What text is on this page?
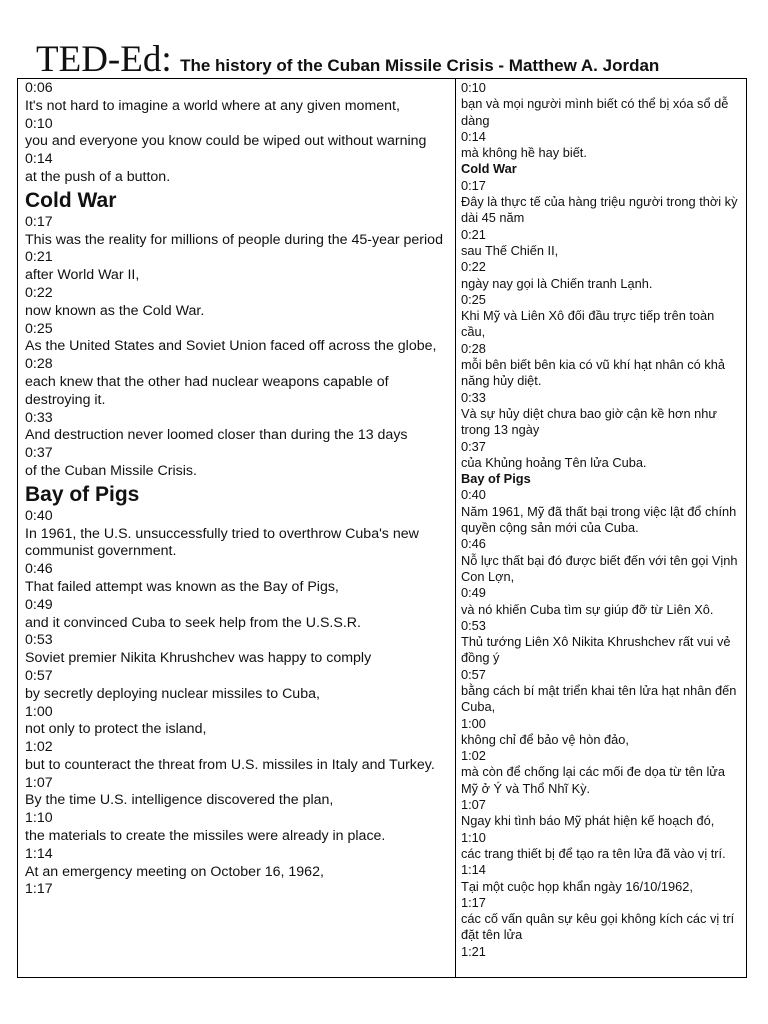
TED-Ed: The history of the Cuban Missile Crisis - Matthew A. Jordan
0:06
It's not hard to imagine a world where at any given moment,
0:10
you and everyone you know could be wiped out without warning
0:14
at the push of a button.
Cold War
0:17
This was the reality for millions of people during the 45-year period
0:21
after World War II,
0:22
now known as the Cold War.
0:25
As the United States and Soviet Union faced off across the globe,
0:28
each knew that the other had nuclear weapons capable of destroying it.
0:33
And destruction never loomed closer than during the 13 days
0:37
of the Cuban Missile Crisis.
Bay of Pigs
0:40
In 1961, the U.S. unsuccessfully tried to overthrow Cuba's new communist government.
0:46
That failed attempt was known as the Bay of Pigs,
0:49
and it convinced Cuba to seek help from the U.S.S.R.
0:53
Soviet premier Nikita Khrushchev was happy to comply
0:57
by secretly deploying nuclear missiles to Cuba,
1:00
not only to protect the island,
1:02
but to counteract the threat from U.S. missiles in Italy and Turkey.
1:07
By the time U.S. intelligence discovered the plan,
1:10
the materials to create the missiles were already in place.
1:14
At an emergency meeting on October 16, 1962,
1:17
0:10
bạn và mọi người mình biết có thể bị xóa sổ dễ dàng
0:14
mà không hề hay biết.
Cold War
0:17
Đây là thực tế của hàng triệu người trong thời kỳ dài 45 năm
0:21
sau Thế Chiến II,
0:22
ngày nay gọi là Chiến tranh Lạnh.
0:25
Khi Mỹ và Liên Xô đối đầu trực tiếp trên toàn cầu,
0:28
mỗi bên biết bên kia có vũ khí hạt nhân có khả năng hủy diệt.
0:33
Và sự hủy diệt chưa bao giờ cận kề hơn như trong 13 ngày
0:37
của Khủng hoảng Tên lửa Cuba.
Bay of Pigs
0:40
Năm 1961, Mỹ đã thất bại trong việc lật đổ chính quyền cộng sản mới của Cuba.
0:46
Nỗ lực thất bại đó được biết đến với tên gọi Vịnh Con Lợn,
0:49
và nó khiến Cuba tìm sự giúp đỡ từ Liên Xô.
0:53
Thủ tướng Liên Xô Nikita Khrushchev rất vui vẻ đồng ý
0:57
bằng cách bí mật triển khai tên lửa hạt nhân đến Cuba,
1:00
không chỉ để bảo vệ hòn đảo,
1:02
mà còn để chống lại các mối đe dọa từ tên lửa Mỹ ở Ý và Thổ Nhĩ Kỳ.
1:07
Ngay khi tình báo Mỹ phát hiện kế hoạch đó,
1:10
các trang thiết bị để tạo ra tên lửa đã vào vị trí.
1:14
Tại một cuộc họp khẩn ngày 16/10/1962,
1:17
các cố vấn quân sự kêu gọi không kích các vị trí đặt tên lửa
1:21
